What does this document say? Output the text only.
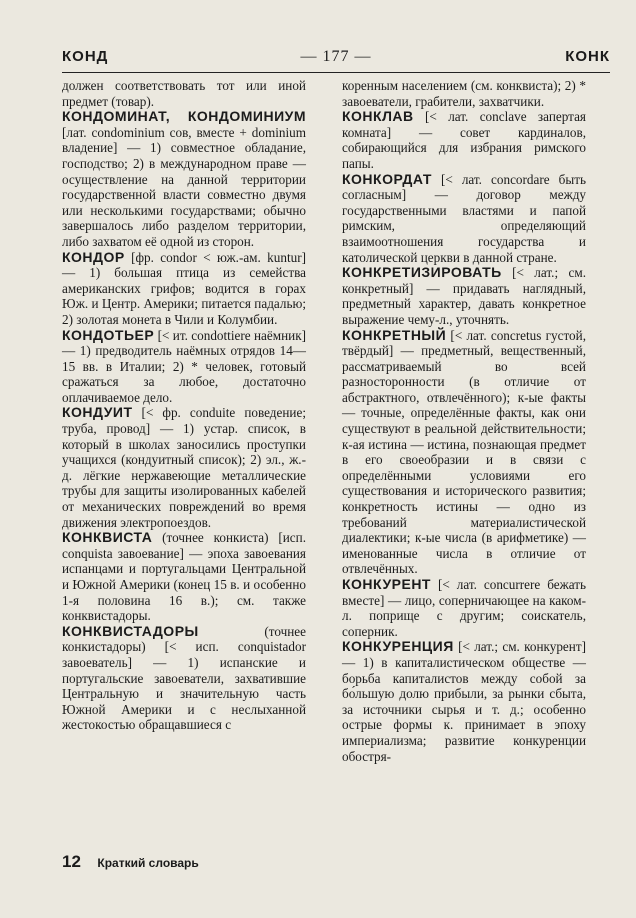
КОНД	— 177 —	КОНК

должен соответствовать тот или иной предмет (товар).

КОНДОМИНАТ, КОНДОМИНИУМ [лат. condominium сов, вместе + dominium владение] — 1) совместное обладание, господство; 2) в международном праве — осуществление на данной территории государственной власти совместно двумя или несколькими государствами; обычно завершалось либо разделом территории, либо захватом её одной из сторон.

КОНДОР [фр. condor < юж.-ам. kuntur] — 1) большая птица из семейства американских грифов; водится в горах Юж. и Центр. Америки; питается падалью; 2) золотая монета в Чили и Колумбии.

КОНДОТЬЕР [< ит. condottiere наёмник] — 1) предводитель наёмных отрядов 14—15 вв. в Италии; 2) * человек, готовый сражаться за любое, достаточно оплачиваемое дело.

КОНДУИТ [< фр. conduite поведение; труба, провод] — 1) устар. список, в который в школах заносились проступки учащихся (кондуитный список); 2) эл., ж.-д. лёгкие нержавеющие металлические трубы для защиты изолированных кабелей от механических повреждений во время движения электропоездов.

КОНКВИСТА (точнее конкиста) [исп. conquista завоевание] — эпоха завоевания испанцами и португальцами Центральной и Южной Америки (конец 15 в. и особенно 1-я половина 16 в.); см. также конквистадоры.

КОНКВИСТАДОРЫ	(точнее конкистадоры) [< исп. conquistador завоеватель] — 1) испанские и португальские завоеватели, захватившие Центральную и значительную часть Южной Америки и с неслыханной жестокостью обращавшиеся с

коренным населением (см. конквиста); 2) * завоеватели, грабители, захватчики.

КОНКЛАВ [< лат. conclave запертая комната] — совет кардиналов, собирающийся для избрания римского папы.

КОНКОРДАТ [< лат. concordare быть согласным] — договор между государственными властями и папой римским, определяющий взаимоотношения государства и католической церкви в данной стране.

КОНКРЕТИЗИРОВАТЬ [< лат.; см. конкретный] — придавать наглядный, предметный характер, давать конкретное выражение чему-л., уточнять.

КОНКРЕТНЫЙ [< лат. concretus густой, твёрдый] — предметный, вещественный, рассматриваемый во всей разносторонности (в отличие от абстрактного, отвлечённого); к-ые факты — точные, определённые факты, как они существуют в реальной действительности; к-ая истина — истина, познающая предмет в его своеобразии и в связи с определёнными условиями его существования и исторического развития; конкретность истины — одно из требований материалистической диалектики; к-ые числа (в арифметике) — именованные числа в отличие от отвлечённых.

КОНКУРЕНТ [< лат. concurrere бежать вместе] — лицо, соперничающее на каком-л. поприще с другим; соискатель, соперник.

КОНКУРЕНЦИЯ [< лат.; см. конкурент] — 1) в капиталистическом обществе — борьба капиталистов между собой за бо́льшую долю прибыли, за рынки сбыта, за источники сырья и т. д.; особенно острые формы к. принимает в эпоху империализма; развитие конкуренции обостря-

12 Краткий словарь
